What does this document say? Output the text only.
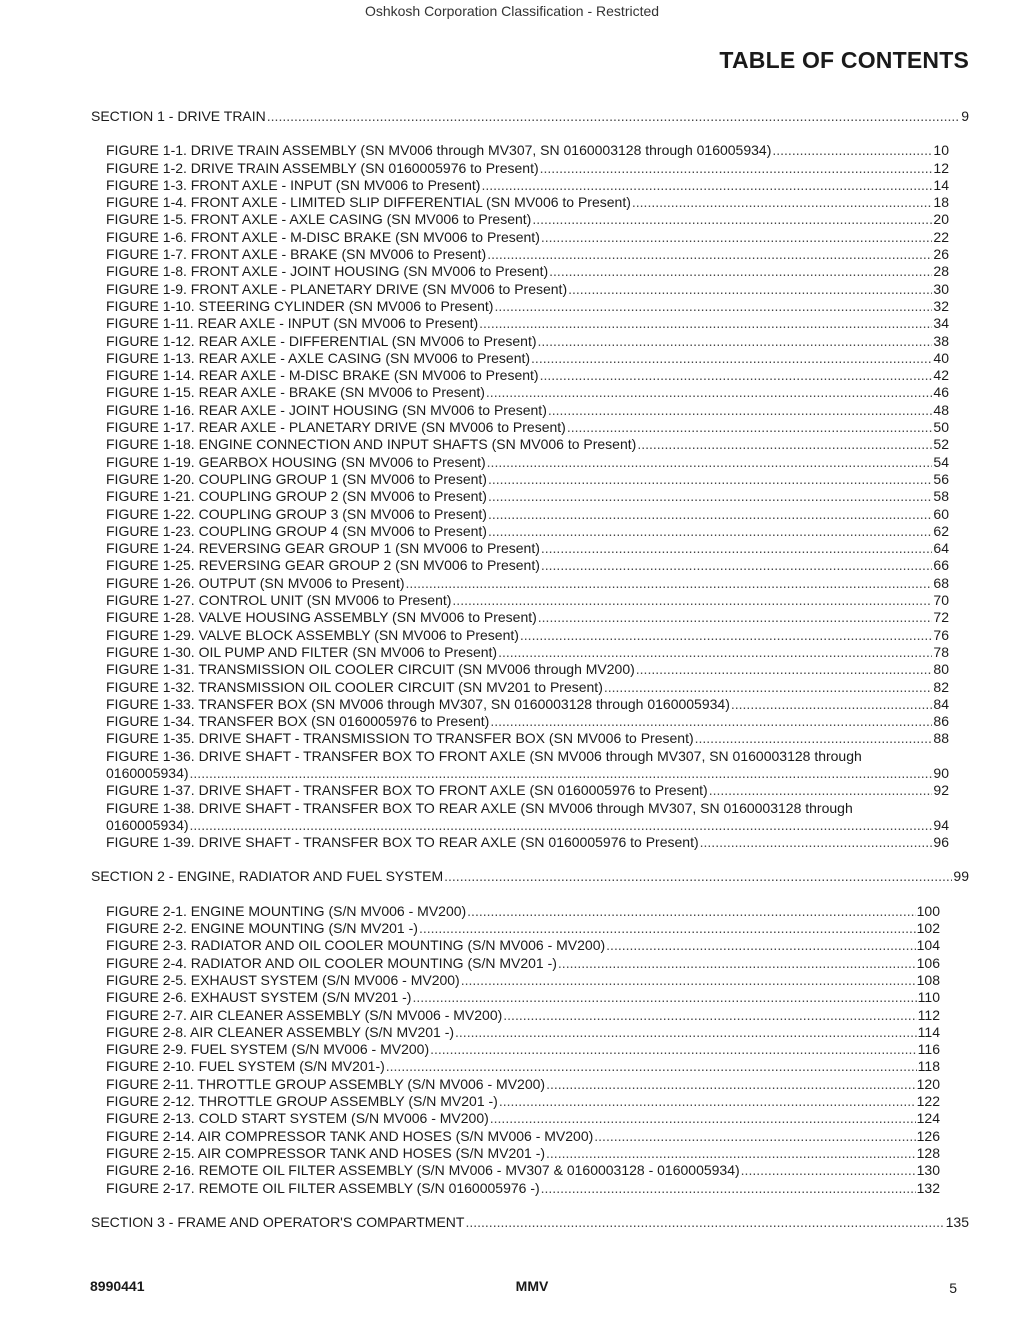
Oshkosh Corporation Classification - Restricted
TABLE OF CONTENTS
SECTION 1 - DRIVE TRAIN .....	9
FIGURE 1-1. DRIVE TRAIN ASSEMBLY (SN MV006 through MV307, SN 0160003128 through 016005934) .....	10
FIGURE 1-2. DRIVE TRAIN ASSEMBLY (SN 0160005976 to Present) .....	12
FIGURE 1-3. FRONT AXLE - INPUT (SN MV006 to Present) .....	14
FIGURE 1-4. FRONT AXLE - LIMITED SLIP DIFFERENTIAL (SN MV006 to Present) .....	18
FIGURE 1-5. FRONT AXLE - AXLE CASING (SN MV006 to Present) .....	20
FIGURE 1-6. FRONT AXLE - M-DISC BRAKE (SN MV006 to Present) .....	22
FIGURE 1-7. FRONT AXLE - BRAKE (SN MV006 to Present) .....	26
FIGURE 1-8. FRONT AXLE - JOINT HOUSING (SN MV006 to Present) .....	28
FIGURE 1-9. FRONT AXLE - PLANETARY DRIVE (SN MV006 to Present) .....	30
FIGURE 1-10. STEERING CYLINDER (SN MV006 to Present) .....	32
FIGURE 1-11. REAR AXLE - INPUT (SN MV006 to Present) .....	34
FIGURE 1-12. REAR AXLE - DIFFERENTIAL (SN MV006 to Present) .....	38
FIGURE 1-13. REAR AXLE - AXLE CASING (SN MV006 to Present) .....	40
FIGURE 1-14. REAR AXLE - M-DISC BRAKE (SN MV006 to Present) .....	42
FIGURE 1-15. REAR AXLE - BRAKE (SN MV006 to Present) .....	46
FIGURE 1-16. REAR AXLE - JOINT HOUSING (SN MV006 to Present) .....	48
FIGURE 1-17. REAR AXLE - PLANETARY DRIVE (SN MV006 to Present) .....	50
FIGURE 1-18. ENGINE CONNECTION AND INPUT SHAFTS (SN MV006 to Present) .....	52
FIGURE 1-19. GEARBOX HOUSING (SN MV006 to Present) .....	54
FIGURE 1-20. COUPLING GROUP 1 (SN MV006 to Present) .....	56
FIGURE 1-21. COUPLING GROUP 2 (SN MV006 to Present) .....	58
FIGURE 1-22. COUPLING GROUP 3 (SN MV006 to Present) .....	60
FIGURE 1-23. COUPLING GROUP 4 (SN MV006 to Present) .....	62
FIGURE 1-24. REVERSING GEAR GROUP 1 (SN MV006 to Present) .....	64
FIGURE 1-25. REVERSING GEAR GROUP 2 (SN MV006 to Present) .....	66
FIGURE 1-26. OUTPUT (SN MV006 to Present) .....	68
FIGURE 1-27. CONTROL UNIT (SN MV006 to Present) .....	70
FIGURE 1-28. VALVE HOUSING ASSEMBLY (SN MV006 to Present) .....	72
FIGURE 1-29. VALVE BLOCK ASSEMBLY (SN MV006 to Present) .....	76
FIGURE 1-30. OIL PUMP AND FILTER (SN MV006 to Present) .....	78
FIGURE 1-31. TRANSMISSION OIL COOLER CIRCUIT (SN MV006 through MV200) .....	80
FIGURE 1-32. TRANSMISSION OIL COOLER CIRCUIT (SN MV201 to Present) .....	82
FIGURE 1-33. TRANSFER BOX (SN MV006 through MV307, SN 0160003128 through 0160005934) .....	84
FIGURE 1-34. TRANSFER BOX (SN 0160005976 to Present) .....	86
FIGURE 1-35. DRIVE SHAFT - TRANSMISSION TO TRANSFER BOX (SN MV006 to Present) .....	88
FIGURE 1-36. DRIVE SHAFT - TRANSFER BOX TO FRONT AXLE (SN MV006 through MV307, SN 0160003128 through
0160005934) .....	90
FIGURE 1-37. DRIVE SHAFT - TRANSFER BOX TO FRONT AXLE (SN 0160005976 to Present) .....	92
FIGURE 1-38. DRIVE SHAFT - TRANSFER BOX TO REAR AXLE (SN MV006 through MV307, SN 0160003128 through
0160005934) .....	94
FIGURE 1-39. DRIVE SHAFT - TRANSFER BOX TO REAR AXLE (SN 0160005976 to Present) .....	96
SECTION 2 - ENGINE, RADIATOR AND FUEL SYSTEM .....	99
FIGURE 2-1. ENGINE MOUNTING (S/N MV006 - MV200) .....	100
FIGURE 2-2. ENGINE MOUNTING (S/N MV201 -) .....	102
FIGURE 2-3. RADIATOR AND OIL COOLER MOUNTING (S/N MV006 - MV200) .....	104
FIGURE 2-4. RADIATOR AND OIL COOLER MOUNTING (S/N MV201 -) .....	106
FIGURE 2-5. EXHAUST SYSTEM (S/N MV006 - MV200) .....	108
FIGURE 2-6. EXHAUST SYSTEM (S/N MV201 -) .....	110
FIGURE 2-7. AIR CLEANER ASSEMBLY (S/N MV006 - MV200) .....	112
FIGURE 2-8. AIR CLEANER ASSEMBLY (S/N MV201 -) .....	114
FIGURE 2-9. FUEL SYSTEM (S/N MV006 - MV200) .....	116
FIGURE 2-10. FUEL SYSTEM (S/N MV201-) .....	118
FIGURE 2-11. THROTTLE GROUP ASSEMBLY (S/N MV006 - MV200) .....	120
FIGURE 2-12. THROTTLE GROUP ASSEMBLY (S/N MV201 -) .....	122
FIGURE 2-13. COLD START SYSTEM (S/N MV006 - MV200) .....	124
FIGURE 2-14. AIR COMPRESSOR TANK AND HOSES (S/N MV006 - MV200) .....	126
FIGURE 2-15. AIR COMPRESSOR TANK AND HOSES (S/N MV201 -) .....	128
FIGURE 2-16. REMOTE OIL FILTER ASSEMBLY (S/N MV006 - MV307 & 0160003128 - 0160005934) .....	130
FIGURE 2-17. REMOTE OIL FILTER ASSEMBLY (S/N 0160005976 -) .....	132
SECTION 3 - FRAME AND OPERATOR'S COMPARTMENT .....	135
8990441	MMV	5
